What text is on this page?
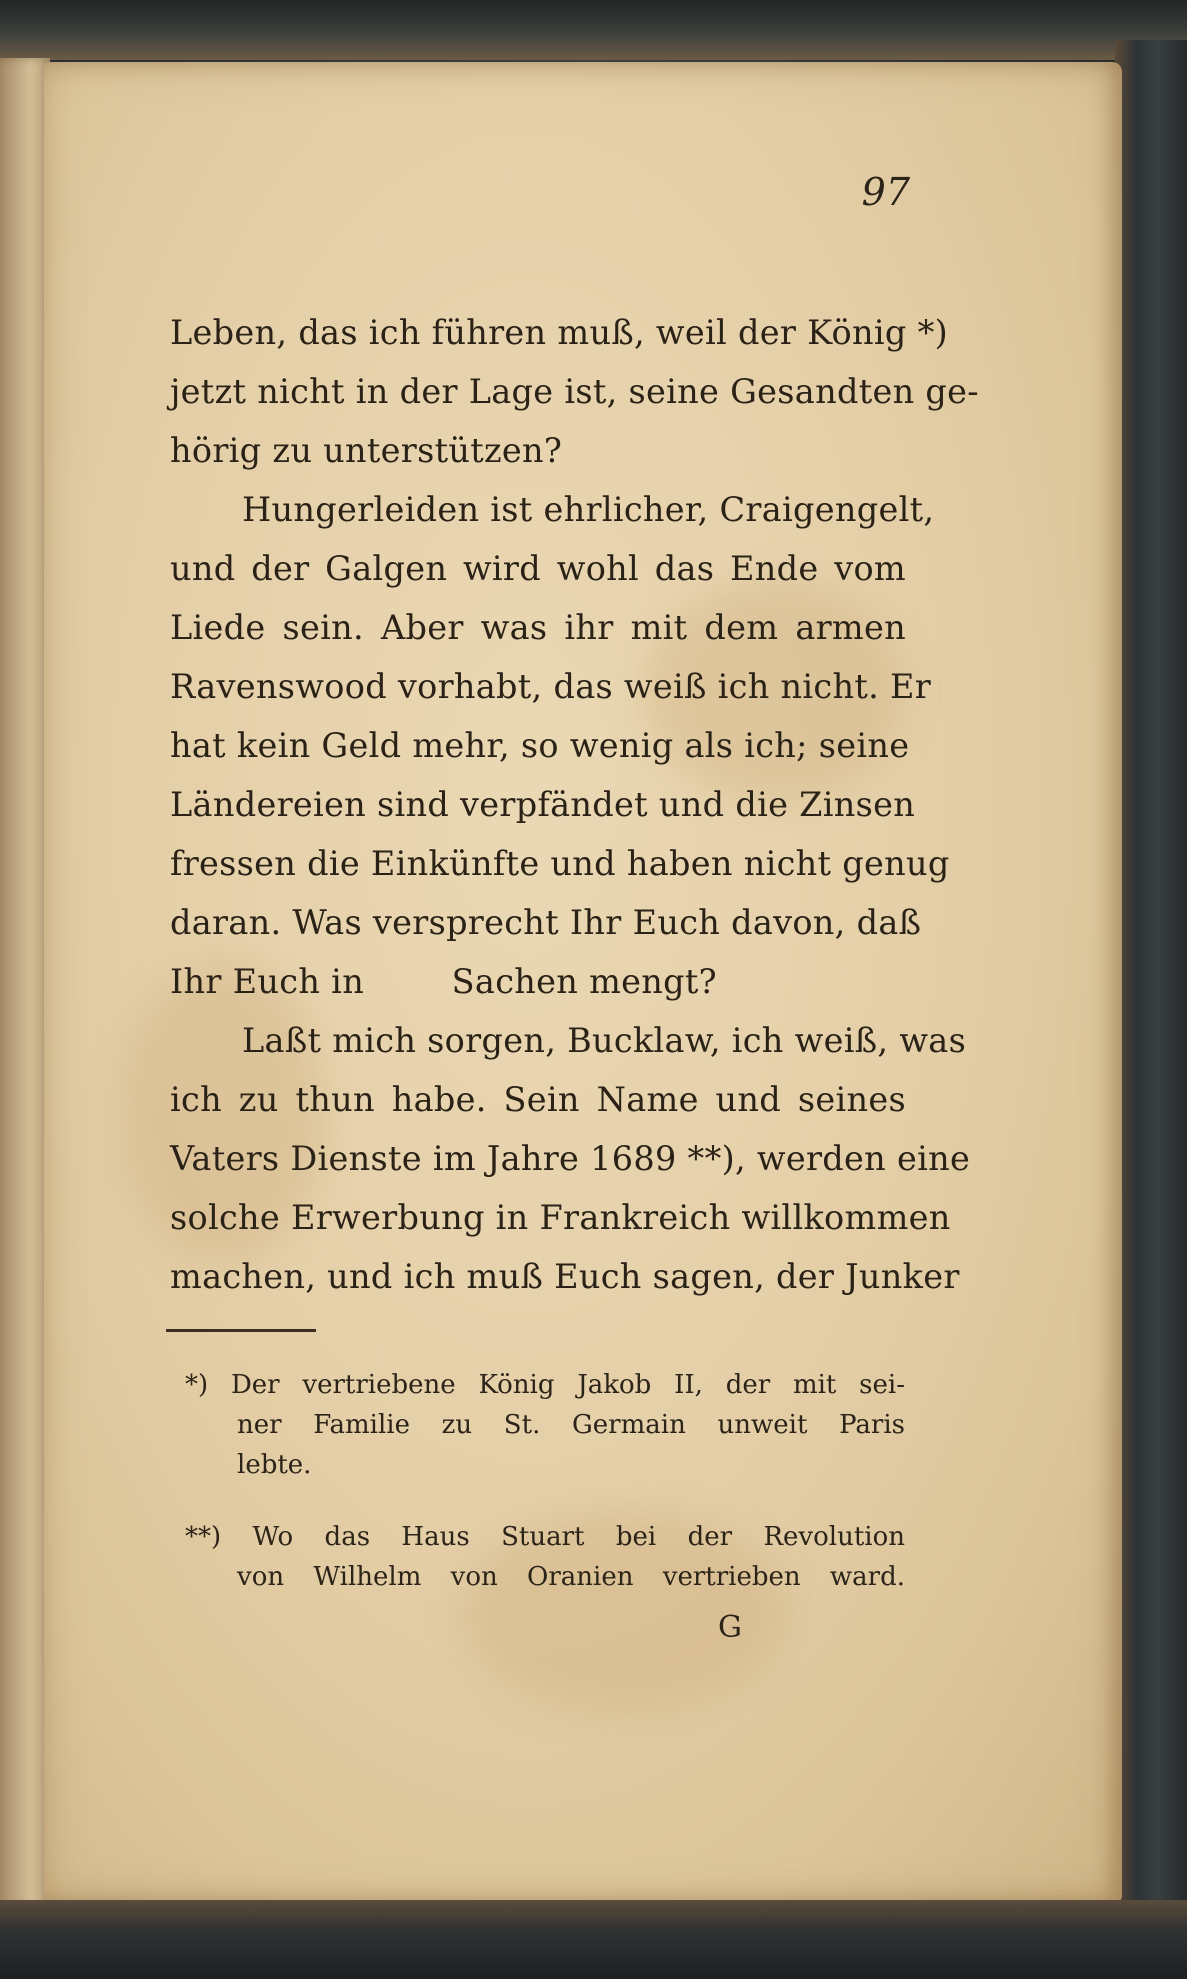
97
Leben, das ich führen muß, weil der König *)
jetzt nicht in der Lage ist, seine Gesandten ge-
hörig zu unterstützen?
Hungerleiden ist ehrlicher, Craigengelt,
und der Galgen wird wohl das Ende vom
Liede sein. Aber was ihr mit dem armen
Ravenswood vorhabt, das weiß ich nicht. Er
hat kein Geld mehr, so wenig als ich; seine
Ländereien sind verpfändet und die Zinsen
fressen die Einkünfte und haben nicht genug
daran. Was versprecht Ihr Euch davon, daß
Ihr Euch in        Sachen mengt?
Laßt mich sorgen, Bucklaw, ich weiß, was
ich zu thun habe. Sein Name und seines
Vaters Dienste im Jahre 1689 **), werden eine
solche Erwerbung in Frankreich willkommen
machen, und ich muß Euch sagen, der Junker
*) Der vertriebene König Jakob II, der mit sei-
ner Familie zu St. Germain unweit Paris
lebte.
**) Wo das Haus Stuart bei der Revolution
von Wilhelm von Oranien vertrieben ward.
G
